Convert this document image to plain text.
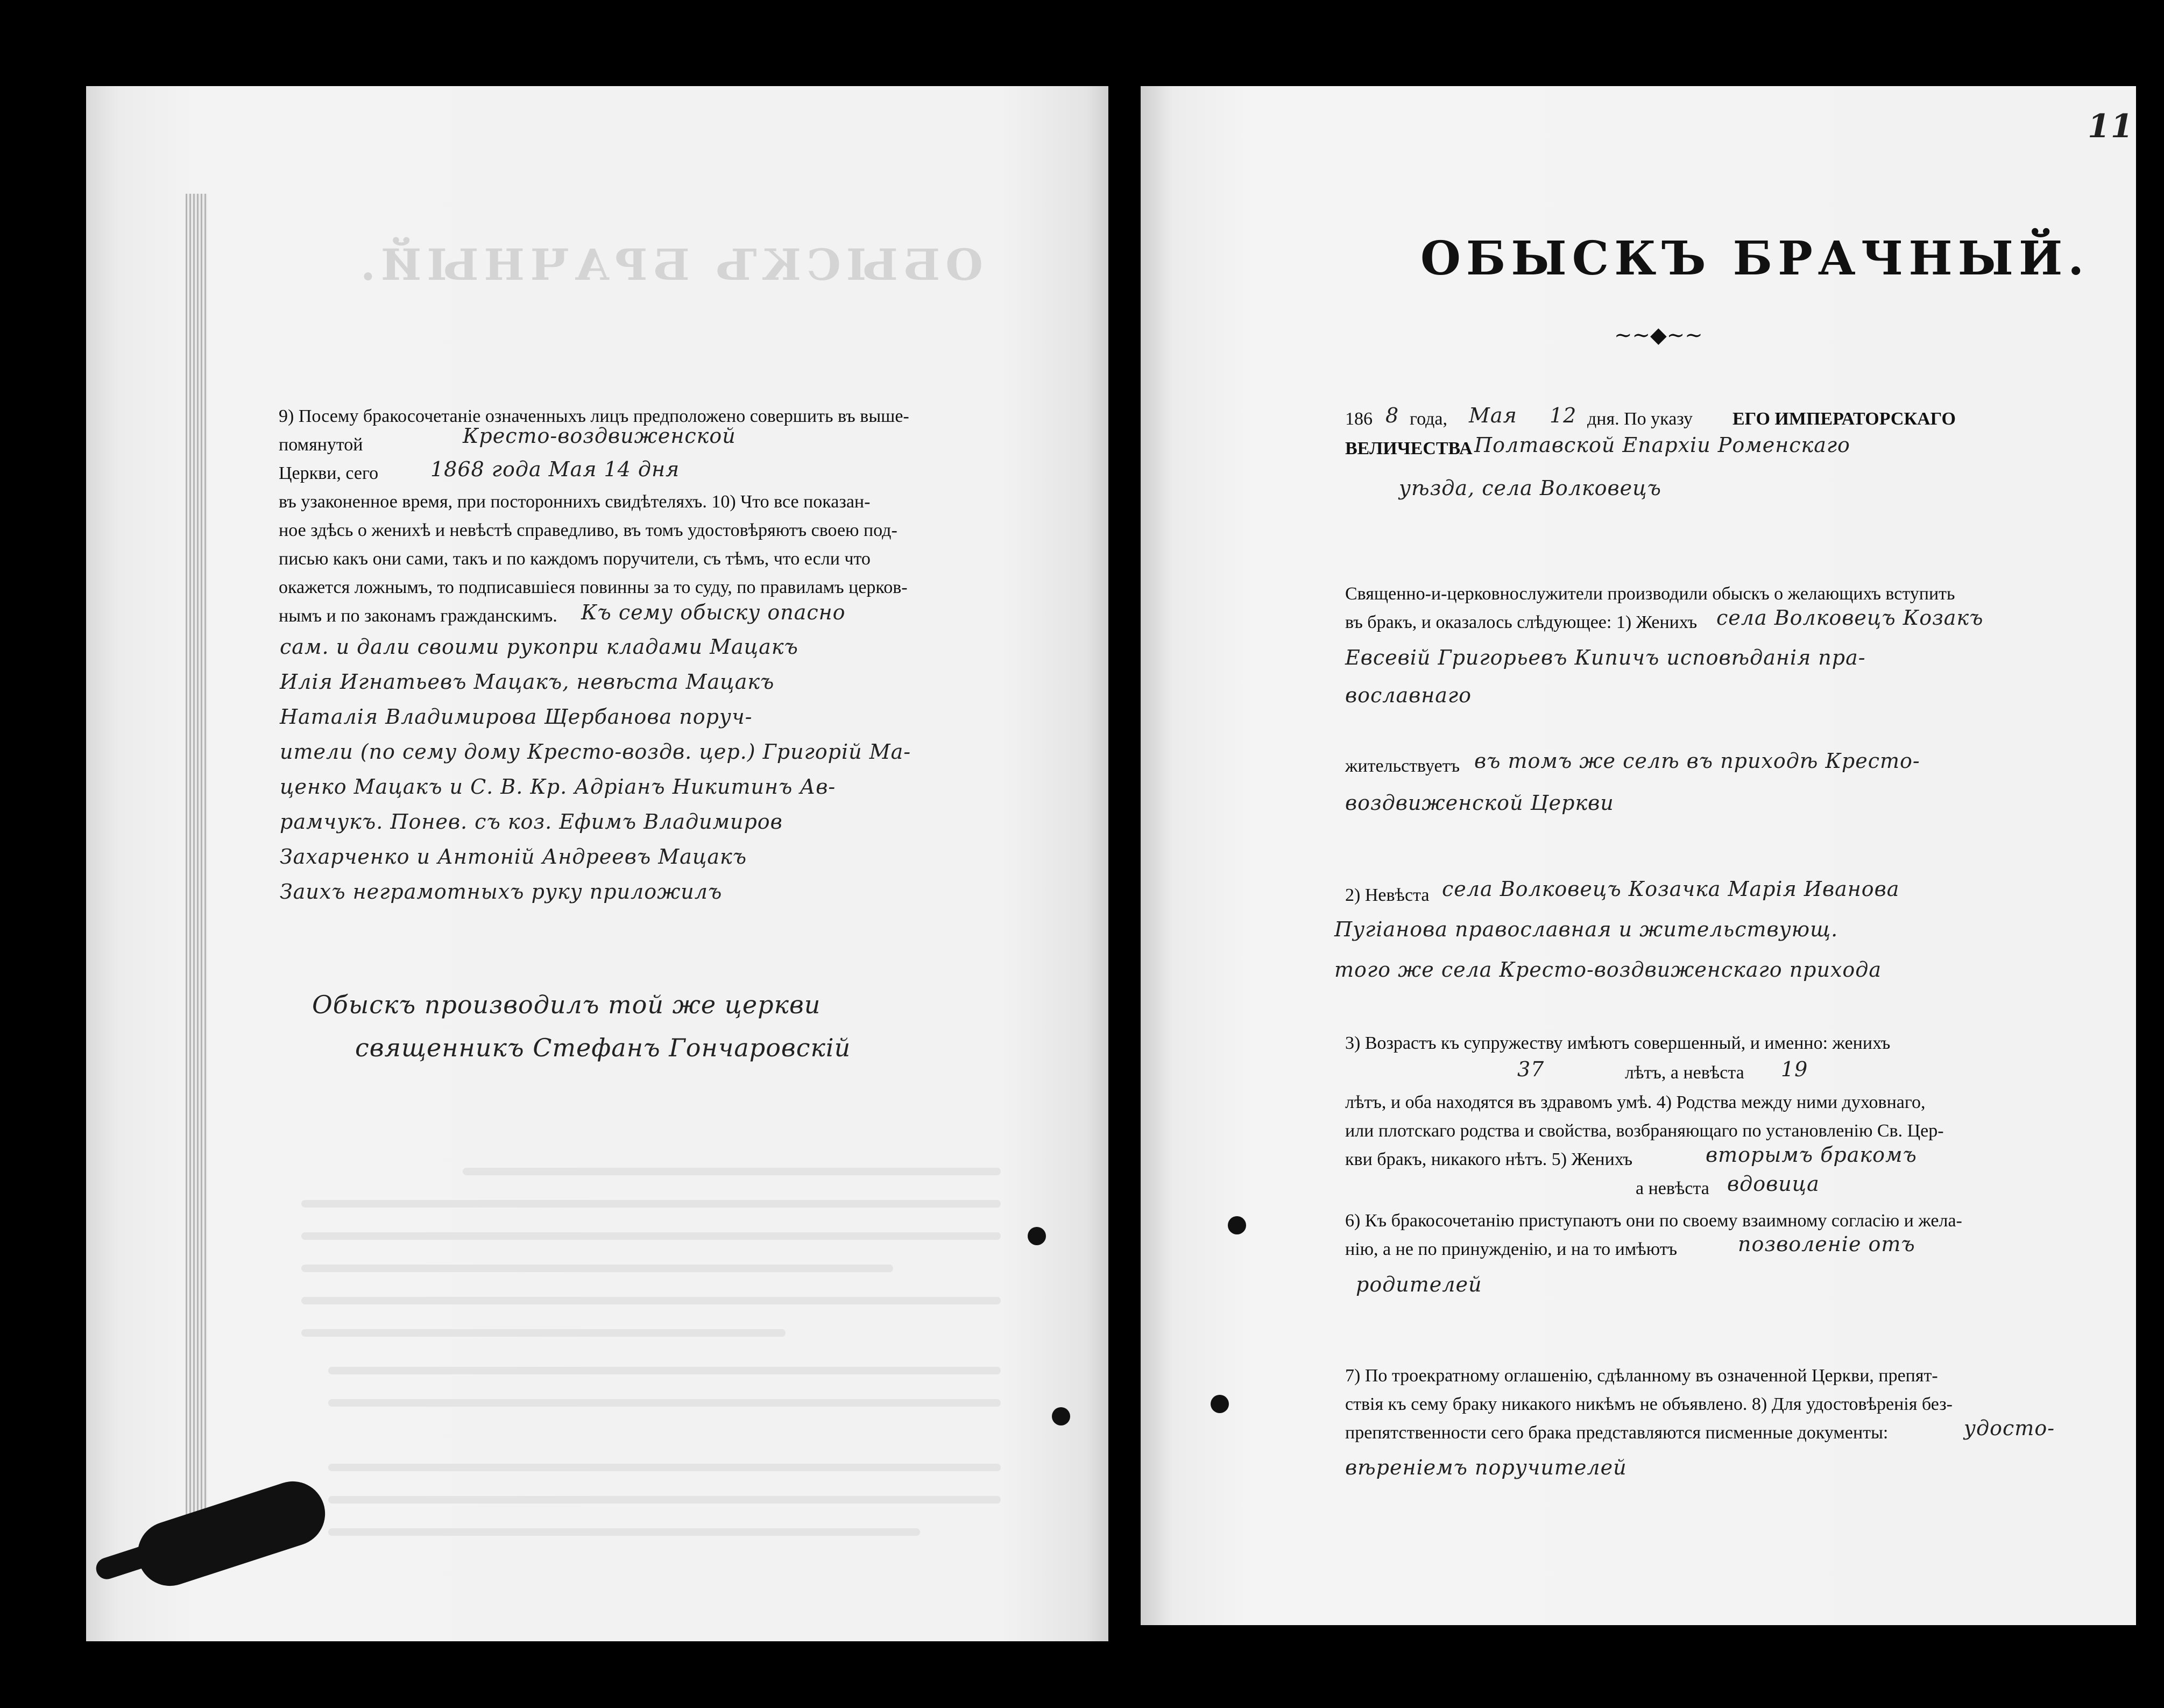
ОБЫСКЪ БРАЧНЫЙ.
9) Посему бракосочетаніе означенныхъ лицъ предположено совершить въ выше-
помянутой	Кресто-воздвиженской
Церкви, сего	1868 года Мая 14 дня
въ узаконенное время, при постороннихъ свидѣтеляхъ. 10) Что все показан-
ное здѣсь о женихѣ и невѣстѣ справедливо, въ томъ удостовѣряютъ своею под-
писью какъ они сами, такъ и по каждомъ поручители, съ тѣмъ, что если что
окажется ложнымъ, то подписавшіеся повинны за то суду, по правиламъ церков-
нымъ и по законамъ гражданскимъ. Къ сему обыску опасно
сам. и дали своими рукопри кладами Мацакъ
Илія Игнатьевъ Мацакъ, невѣста Мацакъ
Наталія Владимирова Щербанова поруч-
ители (по сему дому Кресто-воздв. цер.) Григорій Ма-
ценко Мацакъ и С. В. Кр. Адріанъ Никитинъ Ав-
рамчукъ. Понев. съ коз. Ефимъ Владимиров
Захарченко и Антоній Андреевъ Мацакъ
Заихъ неграмотныхъ руку приложилъ
Обыскъ производилъ той же церкви
священникъ Стефанъ Гончаровскій
11
ОБЫСКЪ БРАЧНЫЙ.
~~◆~~
186 8 года, Мая 12 дня. По указу ЕГО ИМПЕРАТОРСКАГО
ВЕЛИЧЕСТВА Полтавской Епархіи Роменскаго
уѣзда, села Волковецъ
Священно-и-церковнослужители производили обыскъ о желающихъ вступить
въ бракъ, и оказалось слѣдующее: 1) Женихъ села Волковецъ Козакъ
Евсевій Григорьевъ Кипичъ исповѣданія пра-
вославнаго
жительствуетъ въ томъ же селѣ въ приходѣ Кресто-
воздвиженской Церкви
2) Невѣста села Волковецъ Козачка Марія Иванова
Пугіанова православная и жительствующ.
того же села Кресто-воздвиженскаго прихода
3) Возрастъ къ супружеству имѣютъ совершенный, и именно: женихъ
37	лѣтъ, а невѣста 19
лѣтъ, и оба находятся въ здравомъ умѣ. 4) Родства между ними духовнаго,
или плотскаго родства и свойства, возбраняющаго по установленію Св. Цер-
кви бракъ, никакого нѣтъ. 5) Женихъ	вторымъ бракомъ
а невѣста вдовица
6) Къ бракосочетанію приступаютъ они по своему взаимному согласію и жела-
нію, а не по принужденію, и на то имѣютъ	позволеніе отъ
родителей
7) По троекратному оглашенію, сдѣланному въ означенной Церкви, препят-
ствія къ сему браку никакого никѣмъ не объявлено. 8) Для удостовѣренія без-
препятственности сего брака представляются писменные документы:	удосто-
вѣреніемъ поручителей
